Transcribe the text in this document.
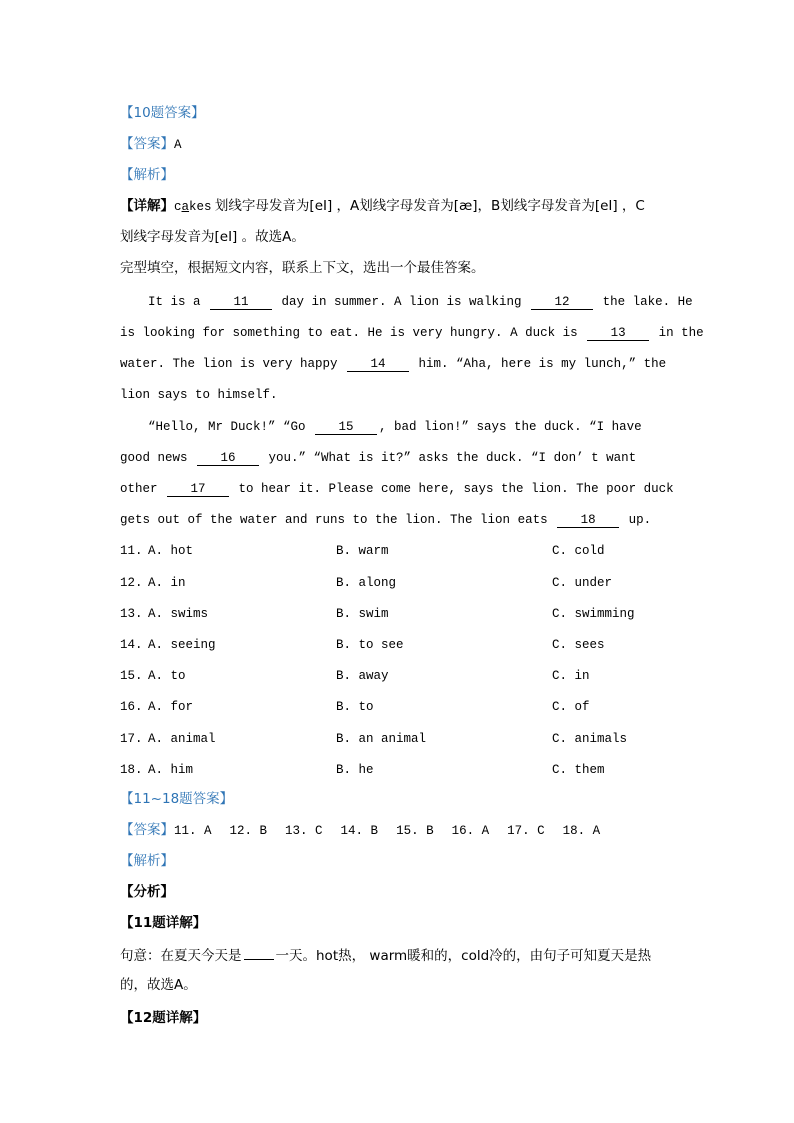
【10题答案】
【答案】A
【解析】
【详解】cakes 划线字母发音为[eI] ，A划线字母发音为[æ]，B划线字母发音为[eI] ，C
划线字母发音为[eI] 。故选A。
完型填空，根据短文内容，联系上下文，选出一个最佳答案。
It is a 11 day in summer. A lion is walking 12 the lake. He
is looking for something to eat. He is very hungry. A duck is 13 in the
water. The lion is very happy 14 him. “Aha, here is my lunch,” the
lion says to himself.
“Hello, Mr Duck!” “Go 15 , bad lion!” says the duck. “I have
good news 16 you.” “What is it?” asks the duck. “I don’ t want
other 17 to hear it. Please come here, says the lion. The poor duck
gets out of the water and runs to the lion. The lion eats 18 up.
11. A. hot	B. warm	C. cold
12. A. in	B. along	C. under
13. A. swims	B. swim	C. swimming
14. A. seeing	B. to see	C. sees
15. A. to	B. away	C. in
16. A. for	B. to	C. of
17. A. animal	B. an animal	C. animals
18. A. him	B. he	C. them
【11~18题答案】
【答案】11. A 12. B 13. C 14. B 15. B 16. A 17. C 18. A
【解析】
【分析】
【11题详解】
句意：在夏天今天是	一天。hot热， warm暖和的，cold冷的，由句子可知夏天是热
的，故选A。
【12题详解】
